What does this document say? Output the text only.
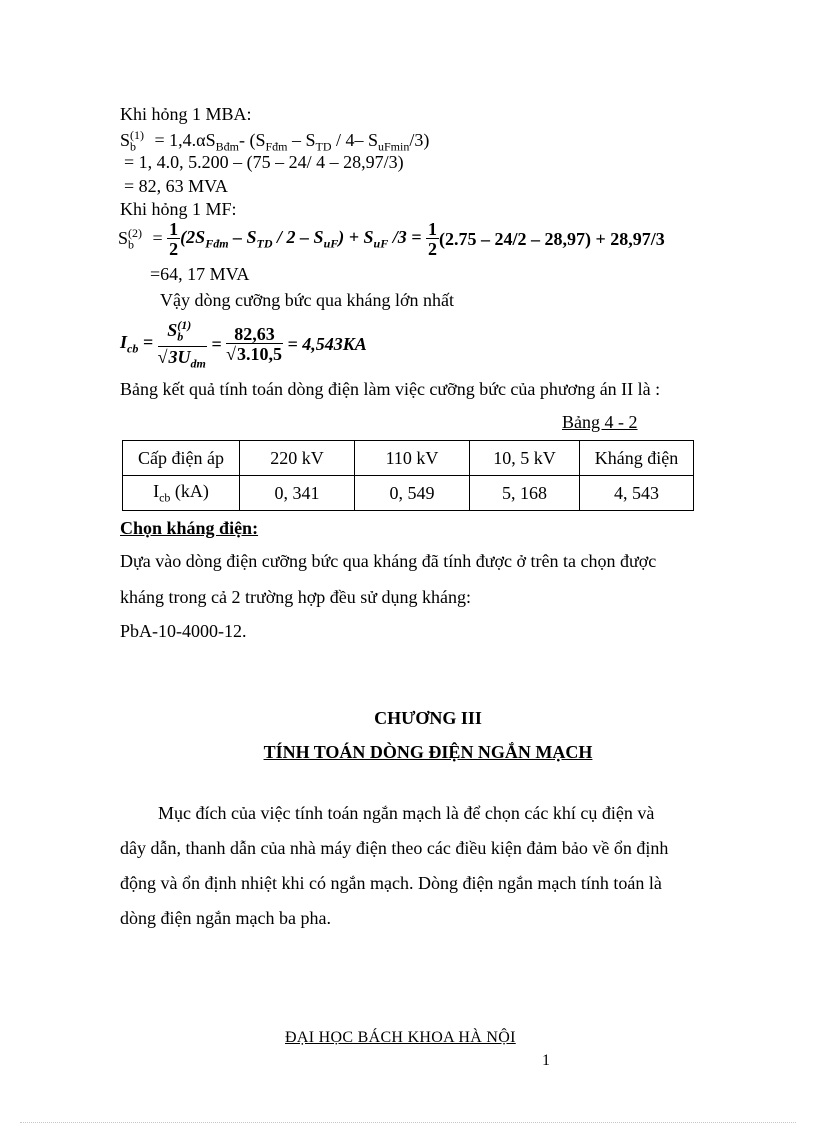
Khi hỏng 1 MBA:
$S_b^{(1)} = 1,4.\alpha S_{Bđm}-$ ($S_{Fđm} - S_{TD} / 4-$ $S_{uFmin}/3$)
= 1, 4.0, 5.200 – (75 – 24/ 4 – 28,97/3)
= 82, 63 MVA
Khi hỏng 1 MF:
$S_b^{(2)} = \frac{1}{2} (2S_{Fđm} - S_{TD} / 2 - S_{uF}) + S_{uF}$ $/3 = \frac{1}{2} (2.75 - 24/2 - 28,97) + 28,97/3$
=64, 17 MVA
Vậy dòng cưỡng bức qua kháng lớn nhất
$I_{cb} = \frac{S_b^{(1)}}{√3U_{dm}} = \frac{82,63}{√3.10,5} = 4,543KA$
Bảng kết quả tính toán dòng điện làm việc cưỡng bức của phương án II là :
Bảng 4 - 2
Cấp điện áp	220 kV	110 kV	10, 5 kV	Kháng điện
$I_{cb}$ (kA)	0, 341	0, 549	5, 168	4, 543
Chọn kháng điện:
Dựa vào dòng điện cưỡng bức qua kháng đã tính được ở trên ta chọn được
kháng trong cả 2 trường hợp đều sử dụng kháng:
PbA-10-4000-12.
CHƯƠNG III
TÍNH TOÁN DÒNG ĐIỆN NGẮN MẠCH
Mục đích của việc tính toán ngắn mạch là để chọn các khí cụ điện và
dây dẫn, thanh dẫn của nhà máy điện theo các điều kiện đảm bảo về ổn định
động và ổn định nhiệt khi có ngắn mạch. Dòng điện ngắn mạch tính toán là
dòng điện ngắn mạch ba pha.
ĐẠI HỌC BÁCH KHOA HÀ NỘI
1
